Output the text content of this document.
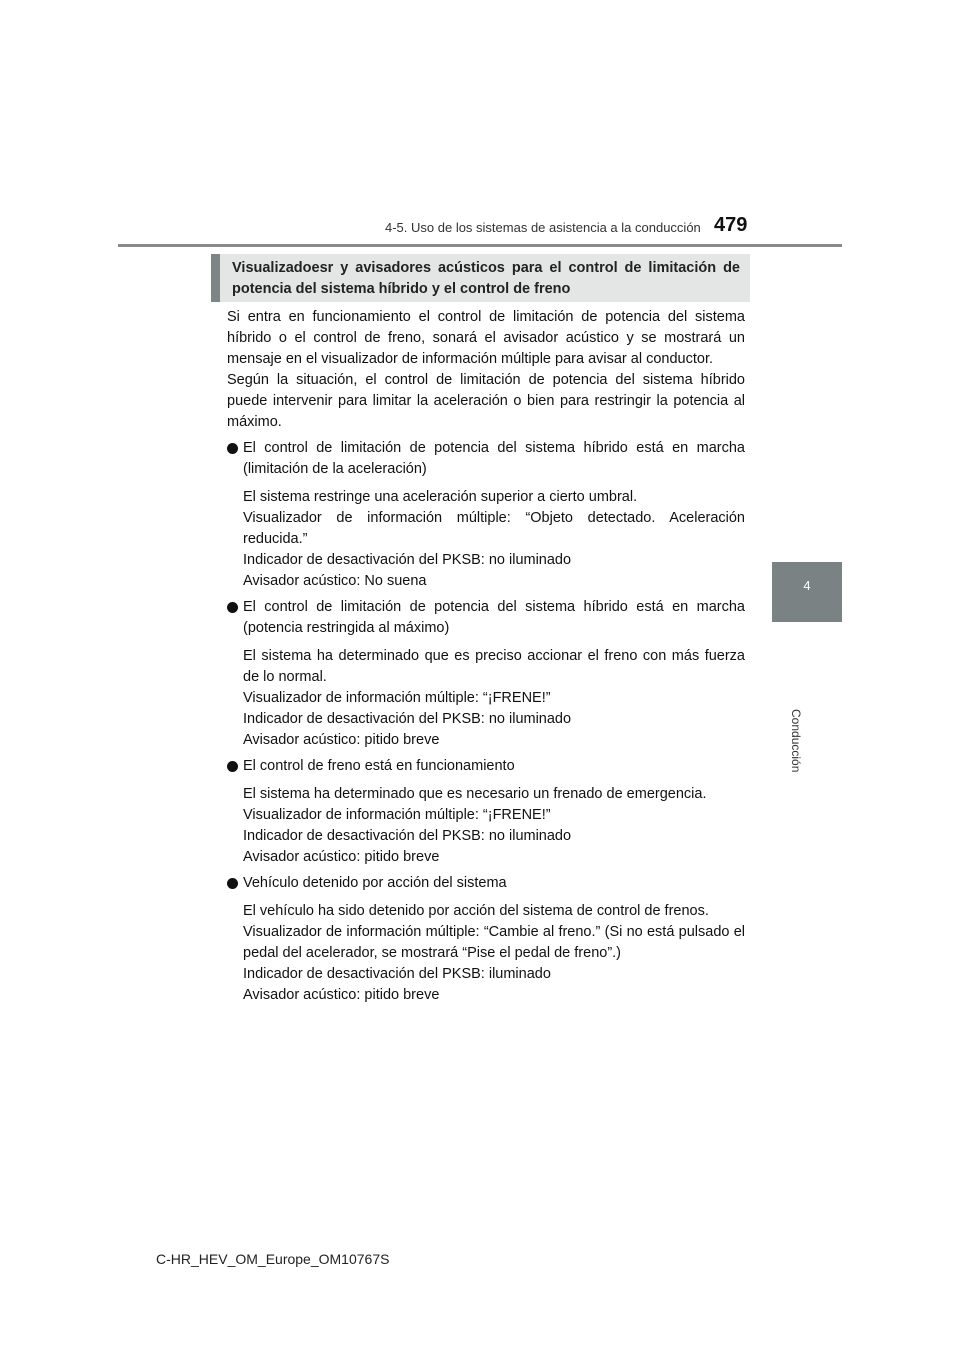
4-5. Uso de los sistemas de asistencia a la conducción 479
4
Conducción
Visualizadoesr y avisadores acústicos para el control de limitación de potencia del sistema híbrido y el control de freno

Si entra en funcionamiento el control de limitación de potencia del sistema híbrido o el control de freno, sonará el avisador acústico y se mostrará un mensaje en el visualizador de información múltiple para avisar al conductor.

Según la situación, el control de limitación de potencia del sistema híbrido puede intervenir para limitar la aceleración o bien para restringir la potencia al máximo.

El control de limitación de potencia del sistema híbrido está en marcha (limitación de la aceleración)

El sistema restringe una aceleración superior a cierto umbral.

Visualizador de información múltiple: “Objeto detectado. Aceleración reducida.”

Indicador de desactivación del PKSB: no iluminado

Avisador acústico: No suena

El control de limitación de potencia del sistema híbrido está en marcha (potencia restringida al máximo)

El sistema ha determinado que es preciso accionar el freno con más fuerza de lo normal.

Visualizador de información múltiple: “¡FRENE!”

Indicador de desactivación del PKSB: no iluminado

Avisador acústico: pitido breve

El control de freno está en funcionamiento

El sistema ha determinado que es necesario un frenado de emergencia.

Visualizador de información múltiple: “¡FRENE!”

Indicador de desactivación del PKSB: no iluminado

Avisador acústico: pitido breve

Vehículo detenido por acción del sistema

El vehículo ha sido detenido por acción del sistema de control de frenos.

Visualizador de información múltiple: “Cambie al freno.” (Si no está pulsado el pedal del acelerador, se mostrará “Pise el pedal de freno”.)

Indicador de desactivación del PKSB: iluminado

Avisador acústico: pitido breve

C-HR_HEV_OM_Europe_OM10767S
